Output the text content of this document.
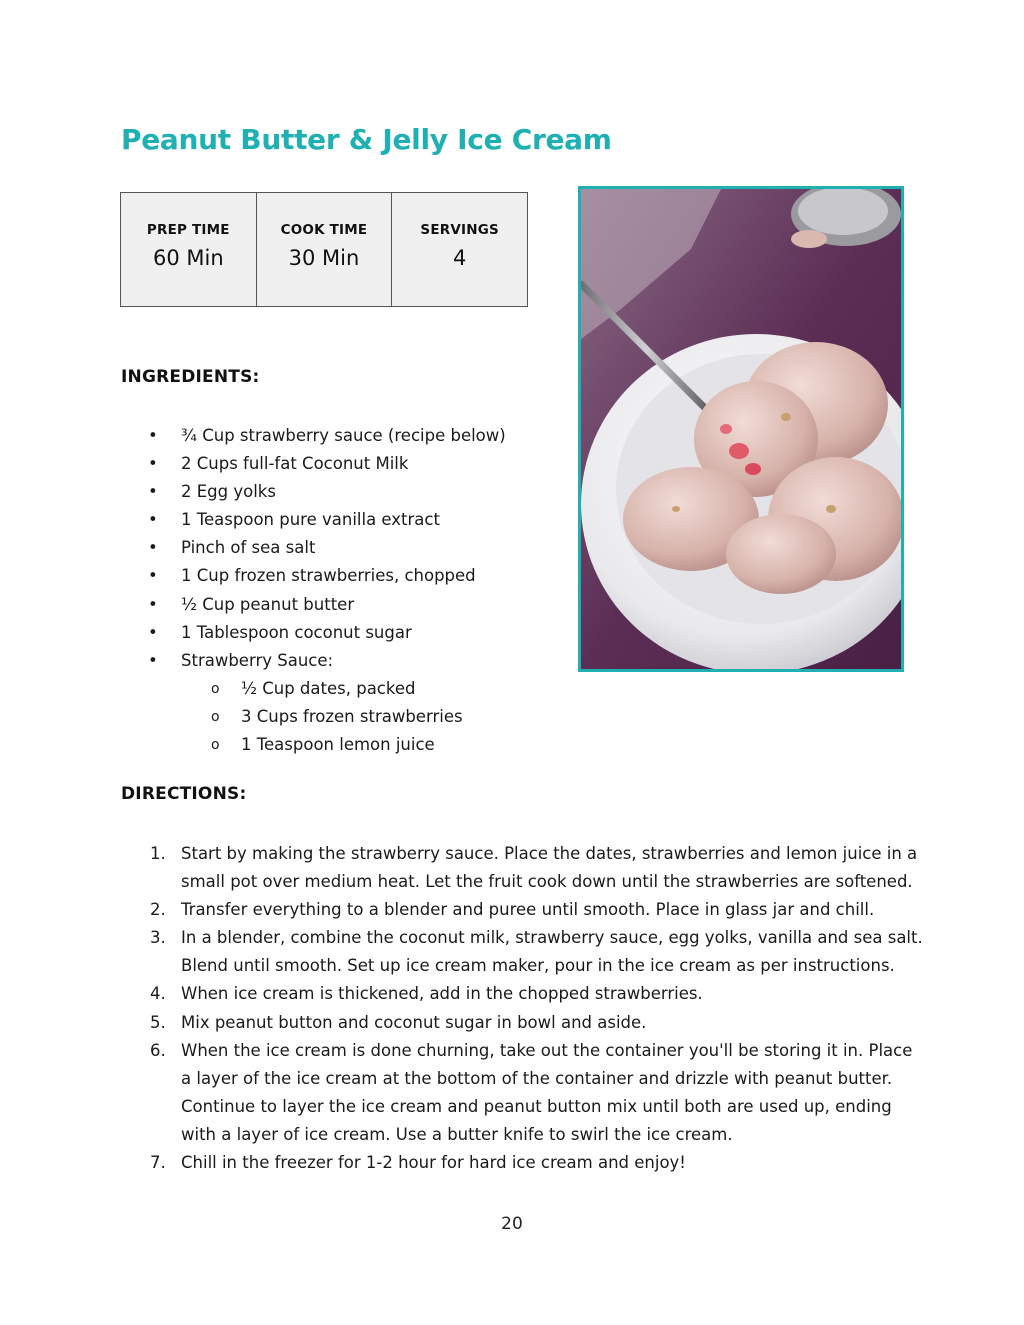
Peanut Butter & Jelly Ice Cream
PREP TIME
60 Min

COOK TIME
30 Min

SERVINGS
4
INGREDIENTS:
• ¾ Cup strawberry sauce (recipe below)
• 2 Cups full-fat Coconut Milk
• 2 Egg yolks
• 1 Teaspoon pure vanilla extract
• Pinch of sea salt
• 1 Cup frozen strawberries, chopped
• ½ Cup peanut butter
• 1 Tablespoon coconut sugar
• Strawberry Sauce:
o ½ Cup dates, packed
o 3 Cups frozen strawberries
o 1 Teaspoon lemon juice
DIRECTIONS:
1. Start by making the strawberry sauce. Place the dates, strawberries and lemon juice in a
small pot over medium heat. Let the fruit cook down until the strawberries are softened.
2. Transfer everything to a blender and puree until smooth. Place in glass jar and chill.
3. In a blender, combine the coconut milk, strawberry sauce, egg yolks, vanilla and sea salt.
Blend until smooth. Set up ice cream maker, pour in the ice cream as per instructions.
4. When ice cream is thickened, add in the chopped strawberries.
5. Mix peanut button and coconut sugar in bowl and aside.
6. When the ice cream is done churning, take out the container you'll be storing it in. Place
a layer of the ice cream at the bottom of the container and drizzle with peanut butter.
Continue to layer the ice cream and peanut button mix until both are used up, ending
with a layer of ice cream. Use a butter knife to swirl the ice cream.
7. Chill in the freezer for 1-2 hour for hard ice cream and enjoy!
20
